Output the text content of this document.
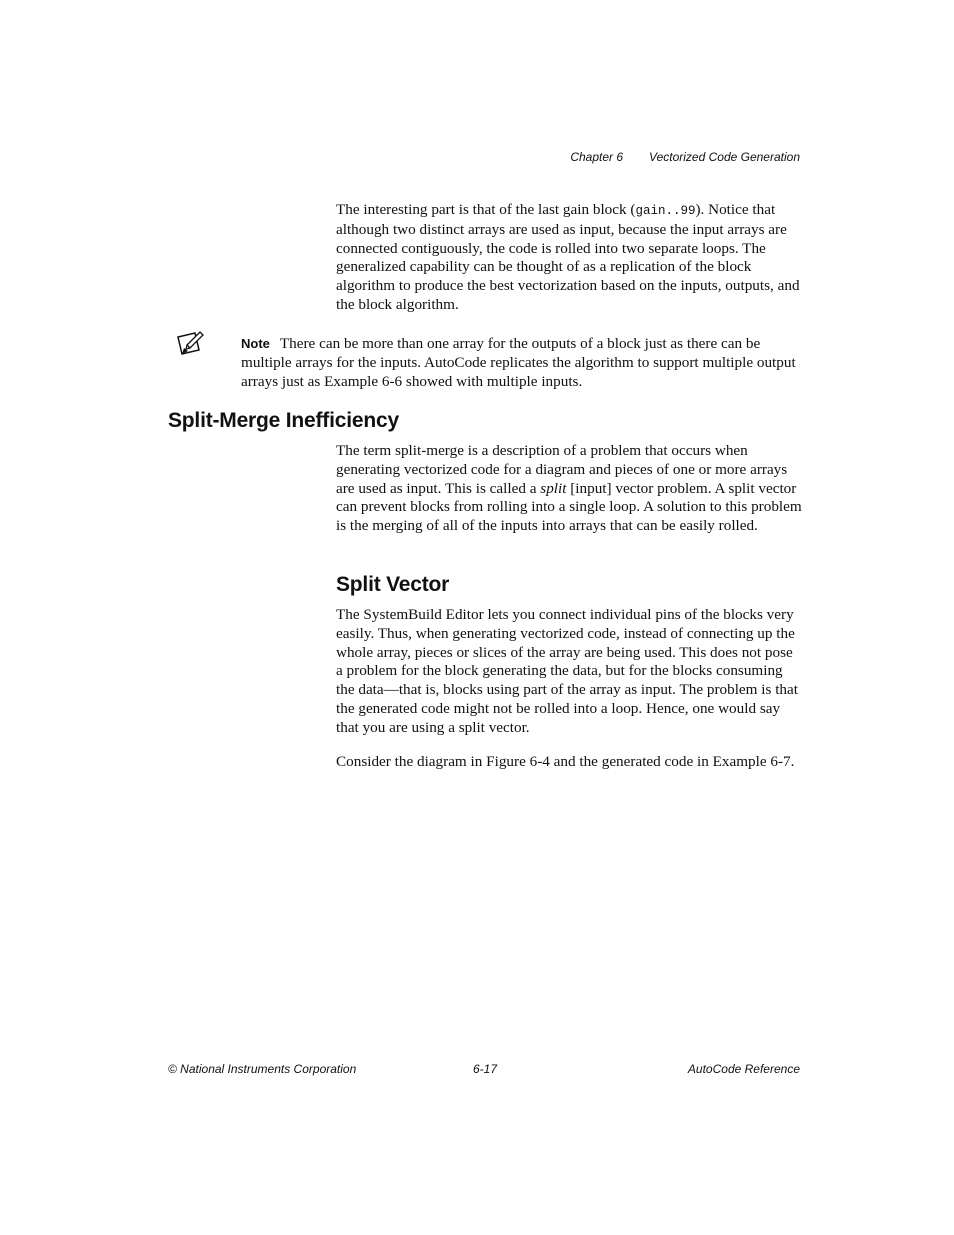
Chapter 6 Vectorized Code Generation
The interesting part is that of the last gain block (gain..99). Notice that although two distinct arrays are used as input, because the input arrays are connected contiguously, the code is rolled into two separate loops. The generalized capability can be thought of as a replication of the block algorithm to produce the best vectorization based on the inputs, outputs, and the block algorithm.
Note There can be more than one array for the outputs of a block just as there can be multiple arrays for the inputs. AutoCode replicates the algorithm to support multiple output arrays just as Example 6-6 showed with multiple inputs.
Split-Merge Inefficiency
The term split-merge is a description of a problem that occurs when generating vectorized code for a diagram and pieces of one or more arrays are used as input. This is called a split [input] vector problem. A split vector can prevent blocks from rolling into a single loop. A solution to this problem is the merging of all of the inputs into arrays that can be easily rolled.
Split Vector
The SystemBuild Editor lets you connect individual pins of the blocks very easily. Thus, when generating vectorized code, instead of connecting up the whole array, pieces or slices of the array are being used. This does not pose a problem for the block generating the data, but for the blocks consuming the data—that is, blocks using part of the array as input. The problem is that the generated code might not be rolled into a loop. Hence, one would say that you are using a split vector.
Consider the diagram in Figure 6-4 and the generated code in Example 6-7.
© National Instruments Corporation	6-17	AutoCode Reference
